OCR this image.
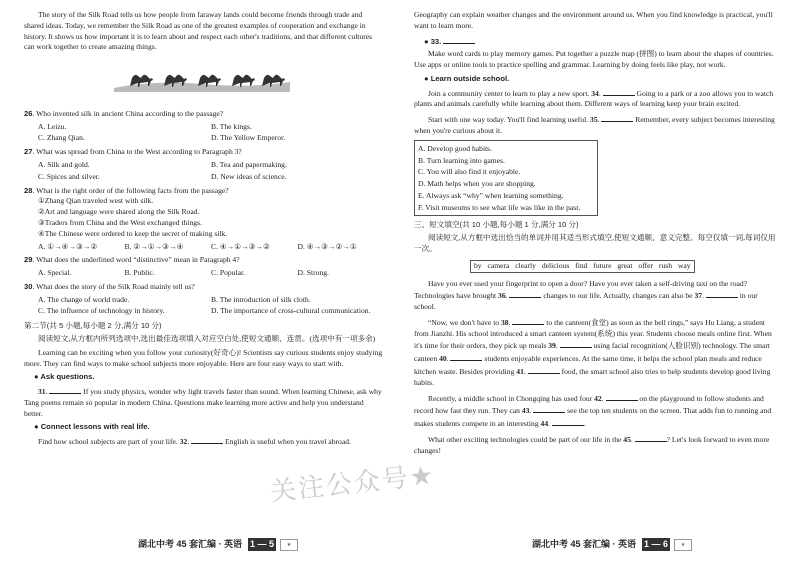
The story of the Silk Road tells us how people from faraway lands could become friends through trade and shared ideas. Today, we remember the Silk Road as one of the greatest examples of cooperation and exchange in history. It shows us how important it is to learn about and respect each other's traditions, and that different cultures can work together to create amazing things.

26. Who invented silk in ancient China according to the passage?
A. Leizu.	B. The kings.
C. Zhang Qian.	D. The Yellow Emperor.
27. What was spread from China to the West according to Paragraph 3?
A. Silk and gold.	B. Tea and papermaking.
C. Spices and silver.	D. New ideas of science.
28. What is the right order of the following facts from the passage?
①Zhang Qian traveled west with silk.
②Art and language were shared along the Silk Road.
③Traders from China and the West exchanged things.
④The Chinese were ordered to keep the secret of making silk.
A. ①→④→③→②	B. ②→①→③→④	C. ④→①→③→②	D. ④→③→②→①
29. What does the underlined word “distinctive” mean in Paragraph 4?
A. Special.	B. Public.	C. Popular.	D. Strong.
30. What does the story of the Silk Road mainly tell us?
A. The change of world trade.	B. The introduction of silk cloth.
C. The influence of technology in history.	D. The importance of cross-cultural communication.
第二节(共 5 小题,每小题 2 分,满分 10 分)

阅读短文,从方框内所列选项中,选出最佳选项填入对应空白处,使短文通顺、连贯。(选项中有一项多余)

Learning can be exciting when you follow your curiosity(好奇心)! Scientists say curious students enjoy studying more. They can find ways to make school subjects more enjoyable. Here are four easy ways to start with.

● Ask questions.

31.	If you study physics, wonder why light travels faster than sound. When learning Chinese, ask why Tang poems remain so popular in modern China. Questions make learning more active and help you understand better.

● Connect lessons with real life.

Find how school subjects are part of your life. 32.	English is useful when you travel abroad.

湖北中考 45 套汇编 · 英语 1 — 5	★

Geography can explain weather changes and the environment around us. When you find knowledge is practical, you'll want to learn more.

● 33.

Make word cards to play memory games. Put together a puzzle map (拼图) to learn about the shapes of countries. Use apps or online tools to practice spelling and grammar. Learning by doing feels like play, not work.

● Learn outside school.

Join a community center to learn to play a new sport. 34.	Going to a park or a zoo allows you to watch plants and animals carefully while learning about them. Different ways of learning keep your brain excited.

Start with one way today. You'll find learning useful. 35.	Remember, every subject becomes interesting when you're curious about it.

A. Develop good habits.
B. Turn learning into games.
C. You will also find it enjoyable.
D. Math helps when you are shopping.
E. Always ask “why” when learning something.
F. Visit museums to see what life was like in the past.
三、短文填空(共 10 小题,每小题 1 分,满分 10 分)

阅读短文,从方框中选出恰当的单词并用其适当形式填空,使短文通顺、意义完整。每空仅填一词,每词仅用一次。

by camera clearly delicious find future great offer rush way

Have you ever used your fingerprint to open a door? Have you ever taken a self-driving taxi on the road? Technologies have brought 36.	changes to our life. Actually, changes can also be 37.	in our school.

“Now, we don't have to 38.	to the canteen(食堂) as soon as the bell rings,” says Hu Liang, a student from Jianzhi. His school introduced a smart canteen system(系统) this year. Students choose meals online first. When it's time for their orders, they pick up meals 39.	using facial recognition(人脸识别) technology. The smart canteen 40.	students enjoyable experiences. At the same time, it helps the school plan meals and reduce kitchen waste. Besides providing 41.	food, the smart school also tries to help students develop good living habits.

Recently, a middle school in Chongqing has used four 42.	on the playground to follow students and record how fast they run. They can 43.	see the top ten students on the screen. That adds fun to running and makes students compete in an interesting 44.	.

What other exciting technologies could be part of our life in the 45.	? Let's look forward to even more changes!

湖北中考 45 套汇编 · 英语 1 — 6	★
关注公众号★
